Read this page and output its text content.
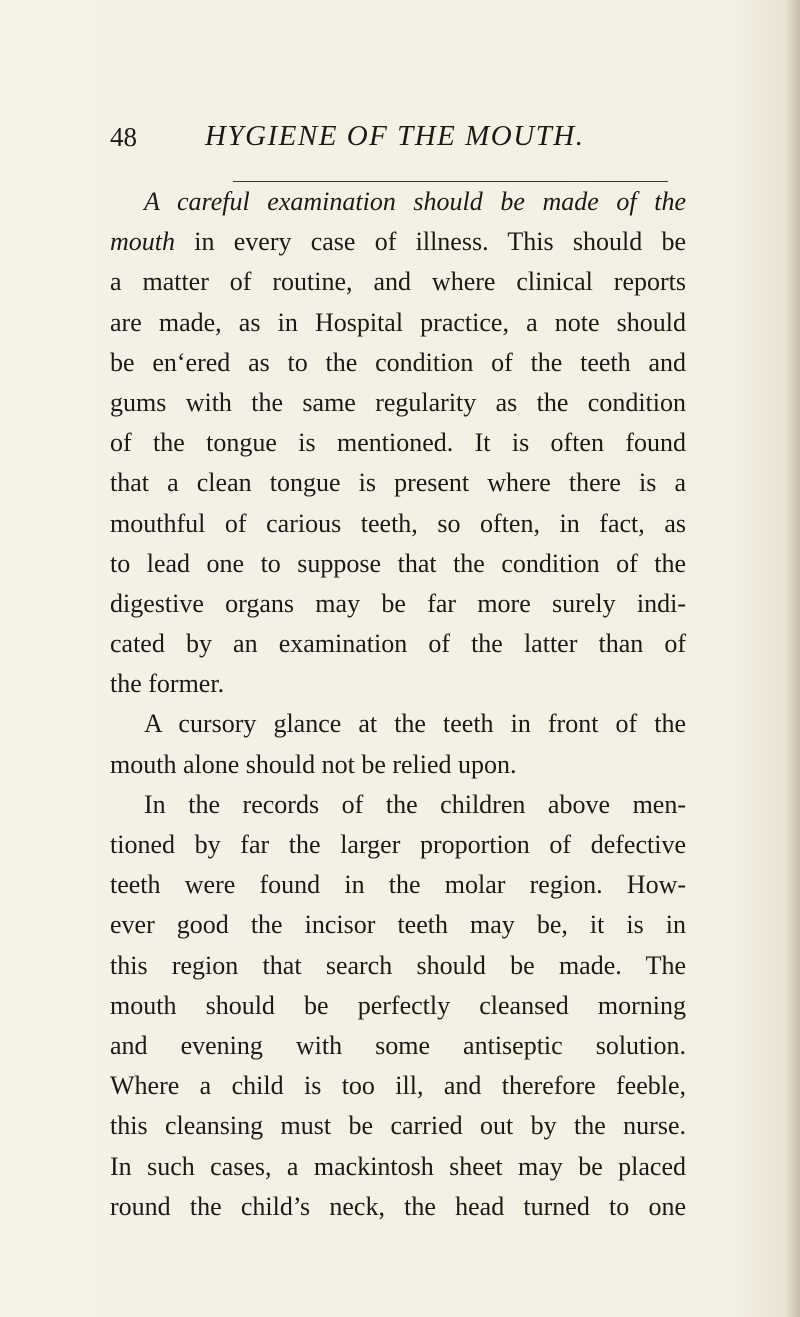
48 HYGIENE OF THE MOUTH.
A careful examination should be made of the
mouth in every case of illness. This should be
a matter of routine, and where clinical reports
are made, as in Hospital practice, a note should
be en‘ered as to the condition of the teeth and
gums with the same regularity as the condition
of the tongue is mentioned. It is often found
that a clean tongue is present where there is a
mouthful of carious teeth, so often, in fact, as
to lead one to suppose that the condition of the
digestive organs may be far more surely indi-
cated by an examination of the latter than of
the former.
A cursory glance at the teeth in front of the
mouth alone should not be relied upon.
In the records of the children above men-
tioned by far the larger proportion of defective
teeth were found in the molar region. How-
ever good the incisor teeth may be, it is in
this region that search should be made. The
mouth should be perfectly cleansed morning
and evening with some antiseptic solution.
Where a child is too ill, and therefore feeble,
this cleansing must be carried out by the nurse.
In such cases, a mackintosh sheet may be placed
round the child’s neck, the head turned to one
